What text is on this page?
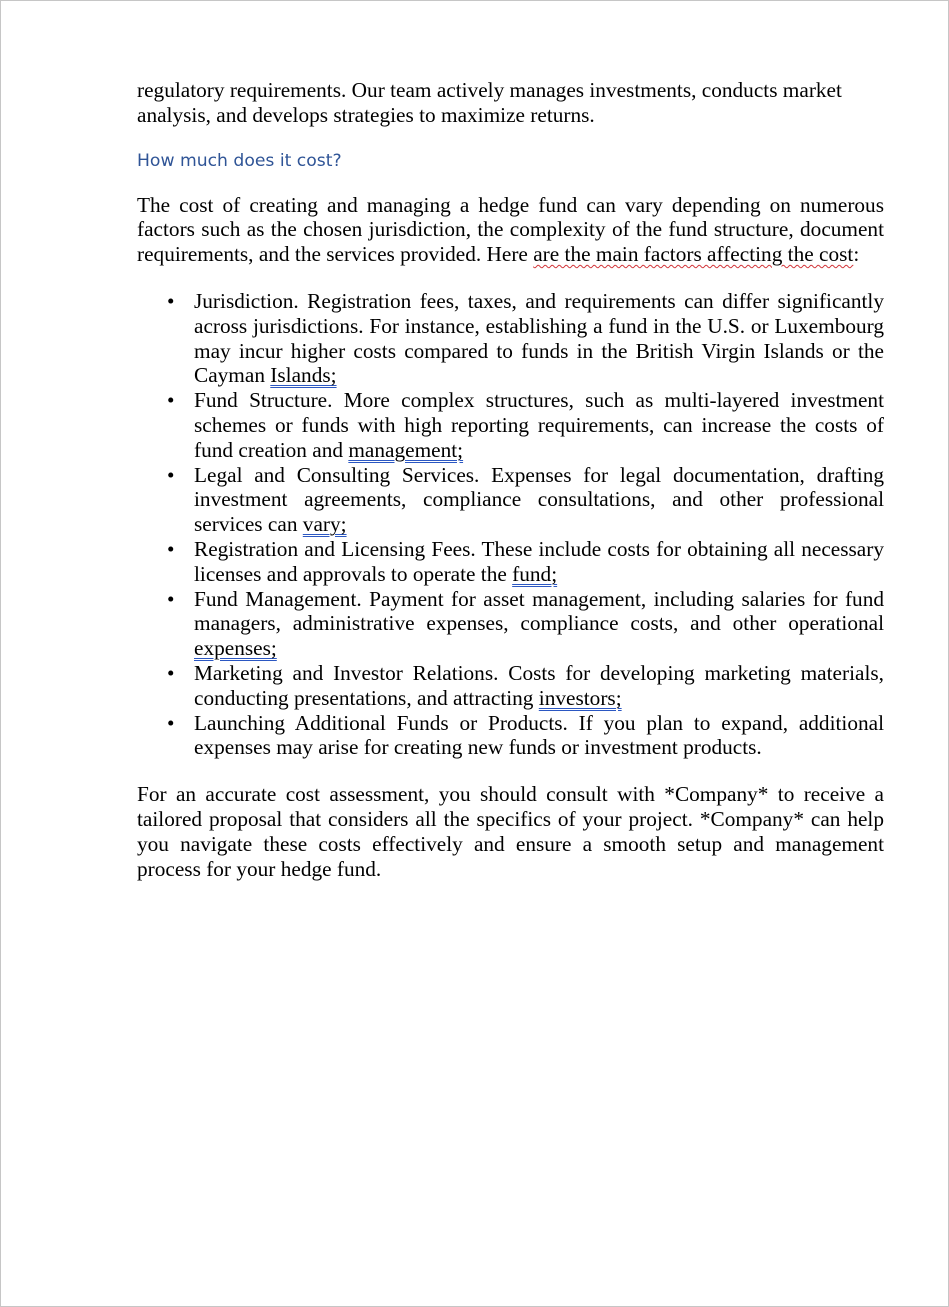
regulatory requirements. Our team actively manages investments, conducts market analysis, and develops strategies to maximize returns.

How much does it cost?

The cost of creating and managing a hedge fund can vary depending on numerous factors such as the chosen jurisdiction, the complexity of the fund structure, document requirements, and the services provided. Here are the main factors affecting the cost:

• Jurisdiction. Registration fees, taxes, and requirements can differ significantly across jurisdictions. For instance, establishing a fund in the U.S. or Luxembourg may incur higher costs compared to funds in the British Virgin Islands or the Cayman Islands;
• Fund Structure. More complex structures, such as multi-layered investment schemes or funds with high reporting requirements, can increase the costs of fund creation and management;
• Legal and Consulting Services. Expenses for legal documentation, drafting investment agreements, compliance consultations, and other professional services can vary;
• Registration and Licensing Fees. These include costs for obtaining all necessary licenses and approvals to operate the fund;
• Fund Management. Payment for asset management, including salaries for fund managers, administrative expenses, compliance costs, and other operational expenses;
• Marketing and Investor Relations. Costs for developing marketing materials, conducting presentations, and attracting investors;
• Launching Additional Funds or Products. If you plan to expand, additional expenses may arise for creating new funds or investment products.

For an accurate cost assessment, you should consult with *Company* to receive a tailored proposal that considers all the specifics of your project. *Company* can help you navigate these costs effectively and ensure a smooth setup and management process for your hedge fund.
